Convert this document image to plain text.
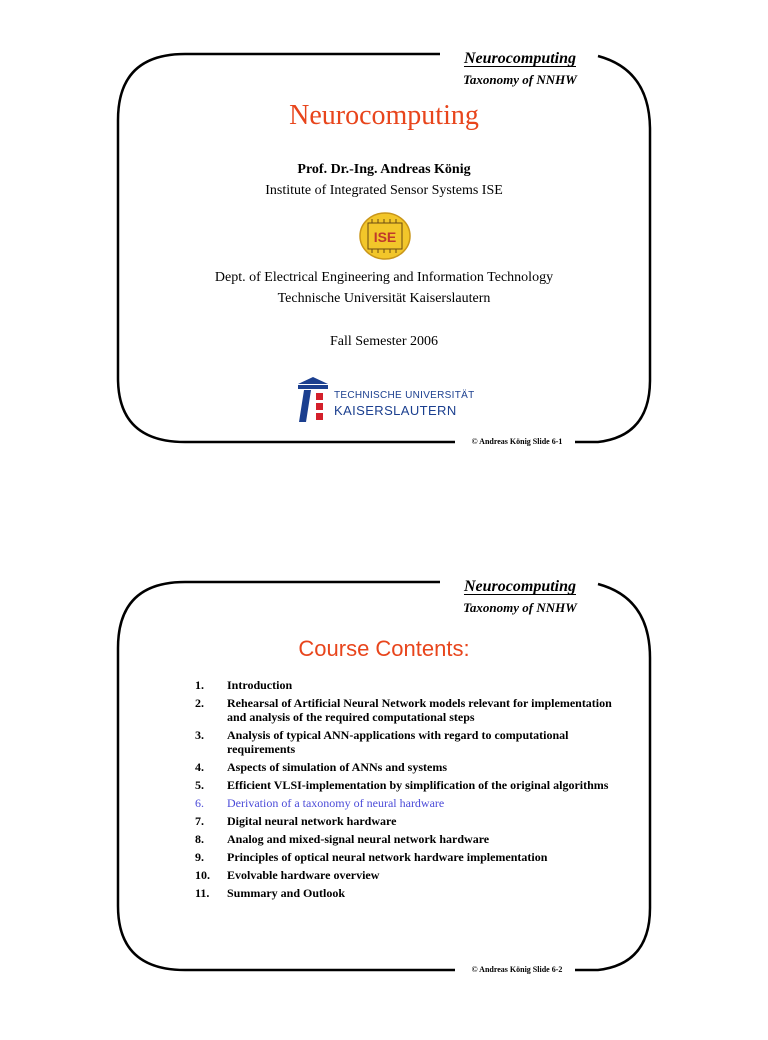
Neurocomputing
Taxonomy of NNHW
Neurocomputing
Prof. Dr.-Ing. Andreas König
Institute of Integrated Sensor Systems ISE
ISE
Dept. of Electrical Engineering and Information Technology
Technische Universität Kaiserslautern
Fall Semester 2006
TECHNISCHE UNIVERSITÄT
KAISERSLAUTERN
© Andreas König Slide 6-1
Neurocomputing
Taxonomy of NNHW
Course Contents:
1.	Introduction
2.	Rehearsal of Artificial Neural Network models relevant for implementation and analysis of the required computational steps
3.	Analysis of typical ANN-applications with regard to computational requirements
4.	Aspects of simulation of ANNs and systems
5.	Efficient VLSI-implementation by simplification of the original algorithms
6.	Derivation of a taxonomy of neural hardware
7.	Digital neural network hardware
8.	Analog and mixed-signal neural network hardware
9.	Principles of optical neural network hardware implementation
10.	Evolvable hardware overview
11.	Summary and Outlook
© Andreas König Slide 6-2
